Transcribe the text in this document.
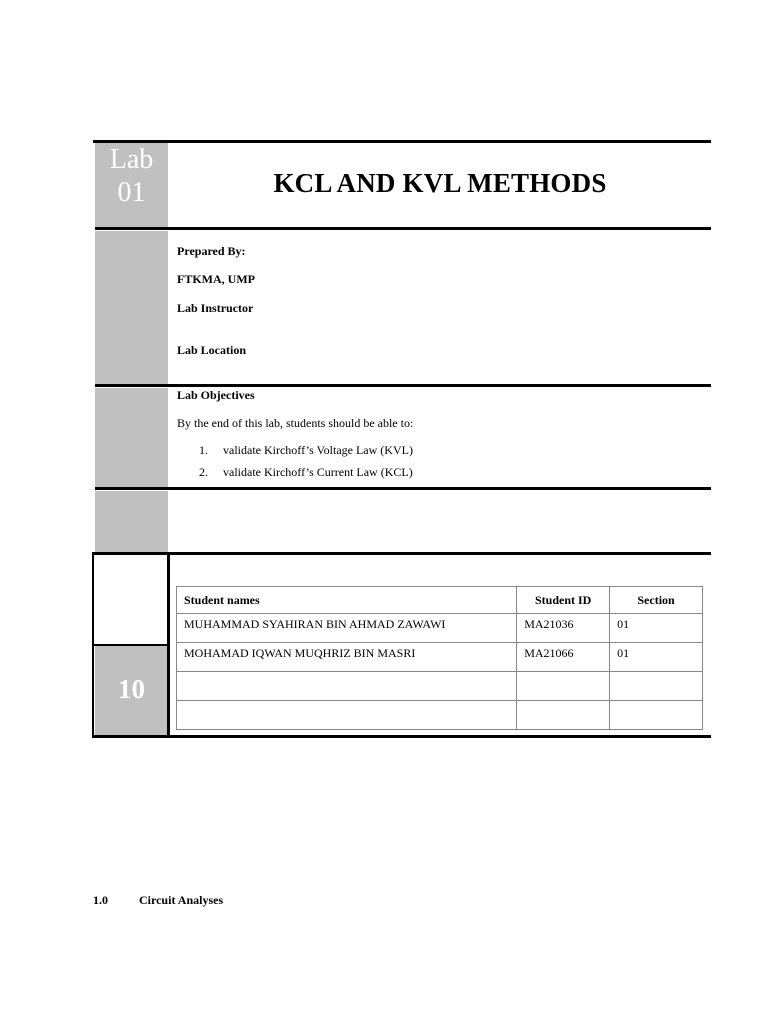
Lab
01	KCL AND KVL METHODS
Prepared By:
FTKMA, UMP
Lab Instructor
Lab Location
Lab Objectives
By the end of this lab, students should be able to:
1. validate Kirchoff’s Voltage Law (KVL)
2. validate Kirchoff’s Current Law (KCL)
10
Student names	Student ID	Section
MUHAMMAD SYAHIRAN BIN AHMAD ZAWAWI	MA21036	01
MOHAMAD IQWAN MUQHRIZ BIN MASRI	MA21066	01

1.0	Circuit Analyses
